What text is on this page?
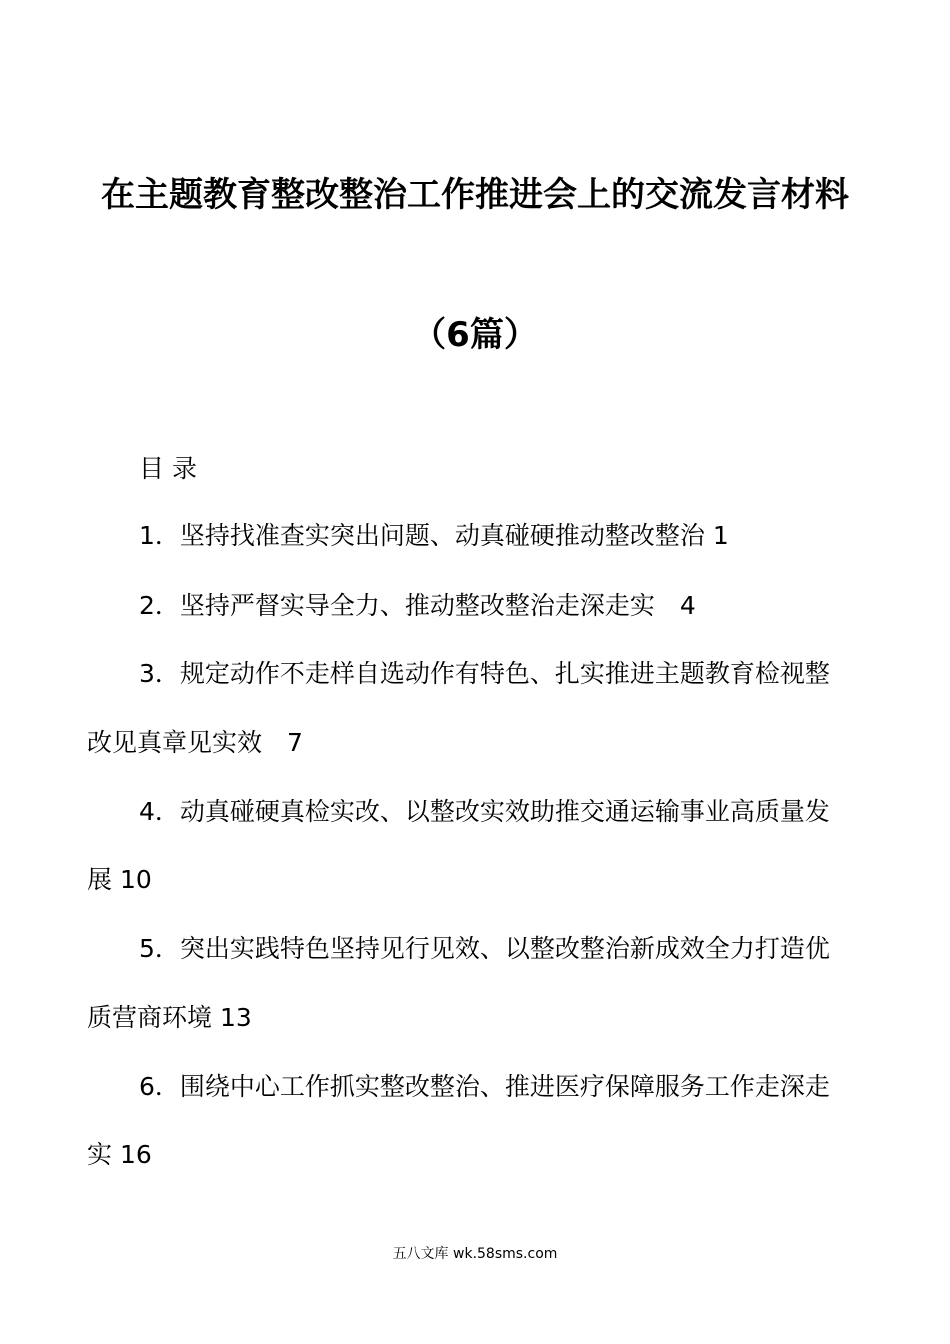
在主题教育整改整治工作推进会上的交流发言材料
（6篇）
目 录
1．坚持找准查实突出问题、动真碰硬推动整改整治 1
2．坚持严督实导全力、推动整改整治走深走实　4
3．规定动作不走样自选动作有特色、扎实推进主题教育检视整
改见真章见实效　7
4．动真碰硬真检实改、以整改实效助推交通运输事业高质量发
展 10
5．突出实践特色坚持见行见效、以整改整治新成效全力打造优
质营商环境 13
6．围绕中心工作抓实整改整治、推进医疗保障服务工作走深走
实 16
五八文库 wk.58sms.com
